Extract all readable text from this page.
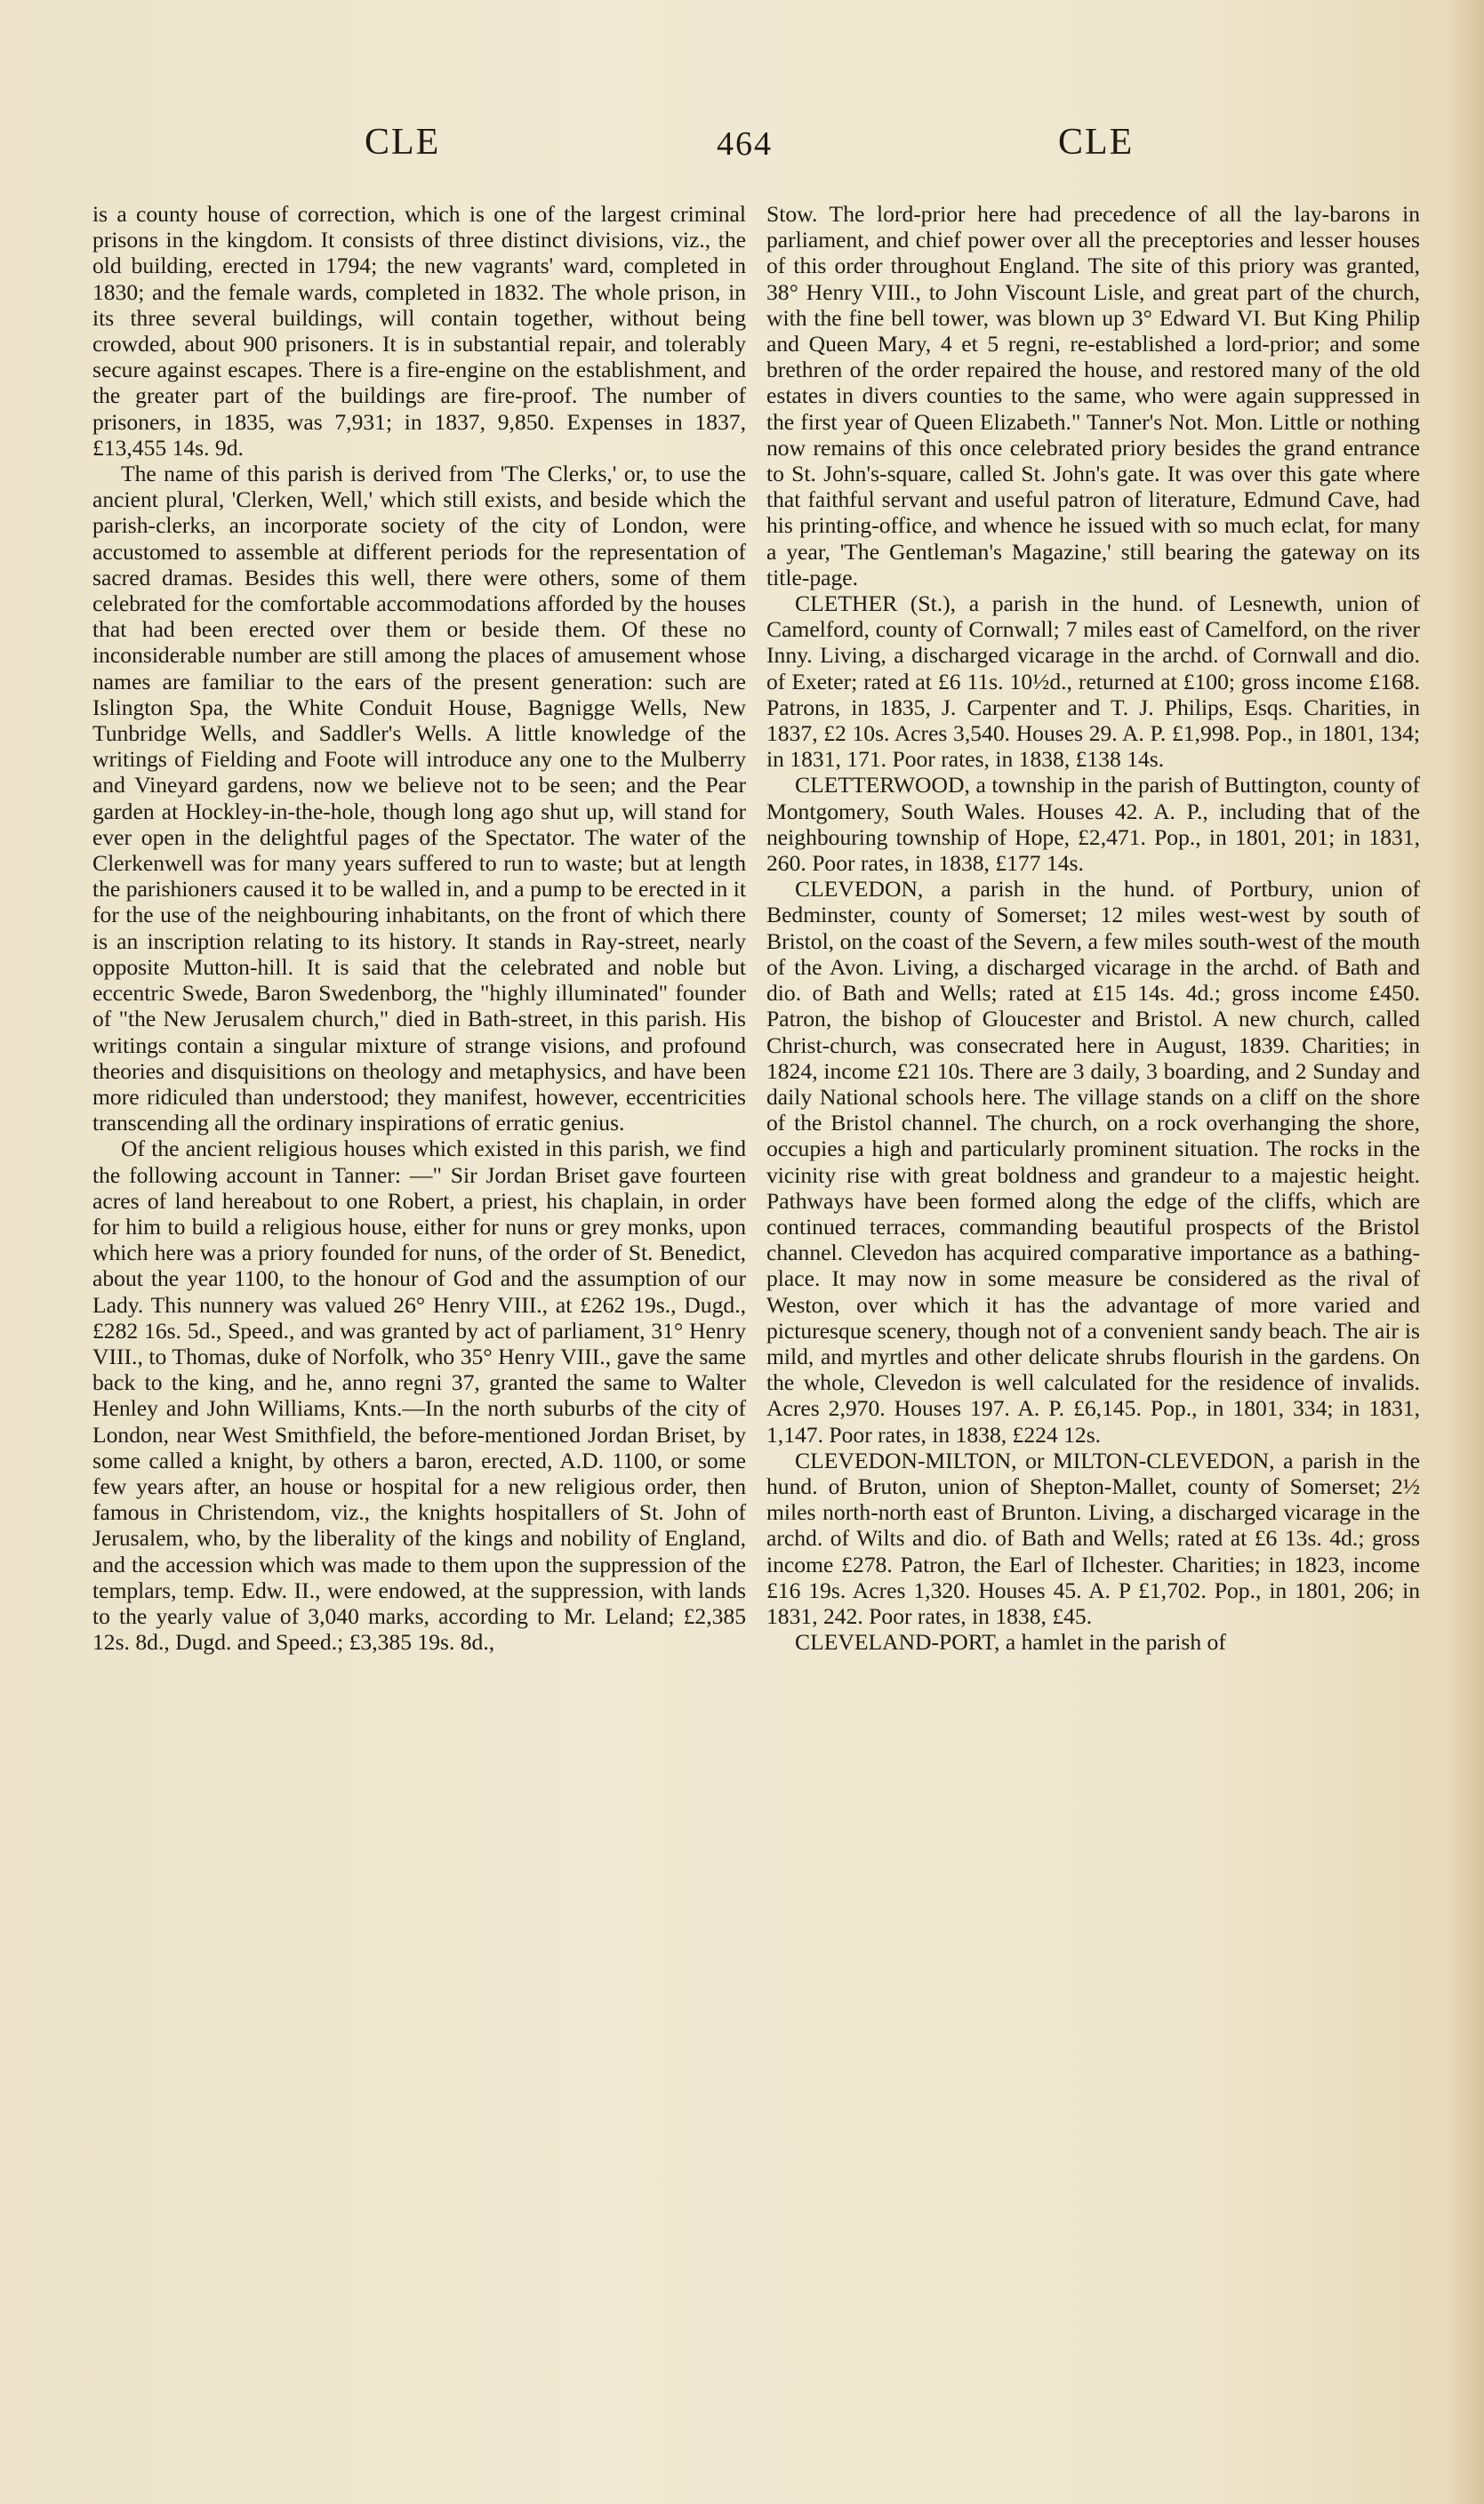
CLE	464	CLE

is a county house of correction, which is one of the largest criminal prisons in the kingdom. It consists of three distinct divisions, viz., the old building, erected in 1794; the new vagrants' ward, completed in 1830; and the female wards, completed in 1832. The whole prison, in its three several buildings, will contain together, without being crowded, about 900 prisoners. It is in substantial repair, and tolerably secure against escapes. There is a fire-engine on the establishment, and the greater part of the buildings are fire-proof. The number of prisoners, in 1835, was 7,931; in 1837, 9,850. Expenses in 1837, £13,455 14s. 9d.

The name of this parish is derived from 'The Clerks,' or, to use the ancient plural, 'Clerken, Well,' which still exists, and beside which the parish-clerks, an incorporate society of the city of London, were accustomed to assemble at different periods for the representation of sacred dramas. Besides this well, there were others, some of them celebrated for the comfortable accommodations afforded by the houses that had been erected over them or beside them. Of these no inconsiderable number are still among the places of amusement whose names are familiar to the ears of the present generation: such are Islington Spa, the White Conduit House, Bagnigge Wells, New Tunbridge Wells, and Saddler's Wells. A little knowledge of the writings of Fielding and Foote will introduce any one to the Mulberry and Vineyard gardens, now we believe not to be seen; and the Pear garden at Hockley-in-the-hole, though long ago shut up, will stand for ever open in the delightful pages of the Spectator. The water of the Clerkenwell was for many years suffered to run to waste; but at length the parishioners caused it to be walled in, and a pump to be erected in it for the use of the neighbouring inhabitants, on the front of which there is an inscription relating to its history. It stands in Ray-street, nearly opposite Mutton-hill. It is said that the celebrated and noble but eccentric Swede, Baron Swedenborg, the "highly illuminated" founder of "the New Jerusalem church," died in Bath-street, in this parish. His writings contain a singular mixture of strange visions, and profound theories and disquisitions on theology and metaphysics, and have been more ridiculed than understood; they manifest, however, eccentricities transcending all the ordinary inspirations of erratic genius.

Of the ancient religious houses which existed in this parish, we find the following account in Tanner: —" Sir Jordan Briset gave fourteen acres of land hereabout to one Robert, a priest, his chaplain, in order for him to build a religious house, either for nuns or grey monks, upon which here was a priory founded for nuns, of the order of St. Benedict, about the year 1100, to the honour of God and the assumption of our Lady. This nunnery was valued 26° Henry VIII., at £262 19s., Dugd., £282 16s. 5d., Speed., and was granted by act of parliament, 31° Henry VIII., to Thomas, duke of Norfolk, who 35° Henry VIII., gave the same back to the king, and he, anno regni 37, granted the same to Walter Henley and John Williams, Knts.—In the north suburbs of the city of London, near West Smithfield, the before-mentioned Jordan Briset, by some called a knight, by others a baron, erected, A.D. 1100, or some few years after, an house or hospital for a new religious order, then famous in Christendom, viz., the knights hospitallers of St. John of Jerusalem, who, by the liberality of the kings and nobility of England, and the accession which was made to them upon the suppression of the templars, temp. Edw. II., were endowed, at the suppression, with lands to the yearly value of 3,040 marks, according to Mr. Leland; £2,385 12s. 8d., Dugd. and Speed.; £3,385 19s. 8d.,

Stow. The lord-prior here had precedence of all the lay-barons in parliament, and chief power over all the preceptories and lesser houses of this order throughout England. The site of this priory was granted, 38° Henry VIII., to John Viscount Lisle, and great part of the church, with the fine bell tower, was blown up 3° Edward VI. But King Philip and Queen Mary, 4 et 5 regni, re-established a lord-prior; and some brethren of the order repaired the house, and restored many of the old estates in divers counties to the same, who were again suppressed in the first year of Queen Elizabeth." Tanner's Not. Mon. Little or nothing now remains of this once celebrated priory besides the grand entrance to St. John's-square, called St. John's gate. It was over this gate where that faithful servant and useful patron of literature, Edmund Cave, had his printing-office, and whence he issued with so much eclat, for many a year, 'The Gentleman's Magazine,' still bearing the gateway on its title-page.

CLETHER (St.), a parish in the hund. of Lesnewth, union of Camelford, county of Cornwall; 7 miles east of Camelford, on the river Inny. Living, a discharged vicarage in the archd. of Cornwall and dio. of Exeter; rated at £6 11s. 10½d., returned at £100; gross income £168. Patrons, in 1835, J. Carpenter and T. J. Philips, Esqs. Charities, in 1837, £2 10s. Acres 3,540. Houses 29. A. P. £1,998. Pop., in 1801, 134; in 1831, 171. Poor rates, in 1838, £138 14s.

CLETTERWOOD, a township in the parish of Buttington, county of Montgomery, South Wales. Houses 42. A. P., including that of the neighbouring township of Hope, £2,471. Pop., in 1801, 201; in 1831, 260. Poor rates, in 1838, £177 14s.

CLEVEDON, a parish in the hund. of Portbury, union of Bedminster, county of Somerset; 12 miles west-west by south of Bristol, on the coast of the Severn, a few miles south-west of the mouth of the Avon. Living, a discharged vicarage in the archd. of Bath and dio. of Bath and Wells; rated at £15 14s. 4d.; gross income £450. Patron, the bishop of Gloucester and Bristol. A new church, called Christ-church, was consecrated here in August, 1839. Charities; in 1824, income £21 10s. There are 3 daily, 3 boarding, and 2 Sunday and daily National schools here. The village stands on a cliff on the shore of the Bristol channel. The church, on a rock overhanging the shore, occupies a high and particularly prominent situation. The rocks in the vicinity rise with great boldness and grandeur to a majestic height. Pathways have been formed along the edge of the cliffs, which are continued terraces, commanding beautiful prospects of the Bristol channel. Clevedon has acquired comparative importance as a bathing-place. It may now in some measure be considered as the rival of Weston, over which it has the advantage of more varied and picturesque scenery, though not of a convenient sandy beach. The air is mild, and myrtles and other delicate shrubs flourish in the gardens. On the whole, Clevedon is well calculated for the residence of invalids. Acres 2,970. Houses 197. A. P. £6,145. Pop., in 1801, 334; in 1831, 1,147. Poor rates, in 1838, £224 12s.

CLEVEDON-MILTON, or MILTON-CLEVEDON, a parish in the hund. of Bruton, union of Shepton-Mallet, county of Somerset; 2½ miles north-north east of Brunton. Living, a discharged vicarage in the archd. of Wilts and dio. of Bath and Wells; rated at £6 13s. 4d.; gross income £278. Patron, the Earl of Ilchester. Charities; in 1823, income £16 19s. Acres 1,320. Houses 45. A. P £1,702. Pop., in 1801, 206; in 1831, 242. Poor rates, in 1838, £45.

CLEVELAND-PORT, a hamlet in the parish of
